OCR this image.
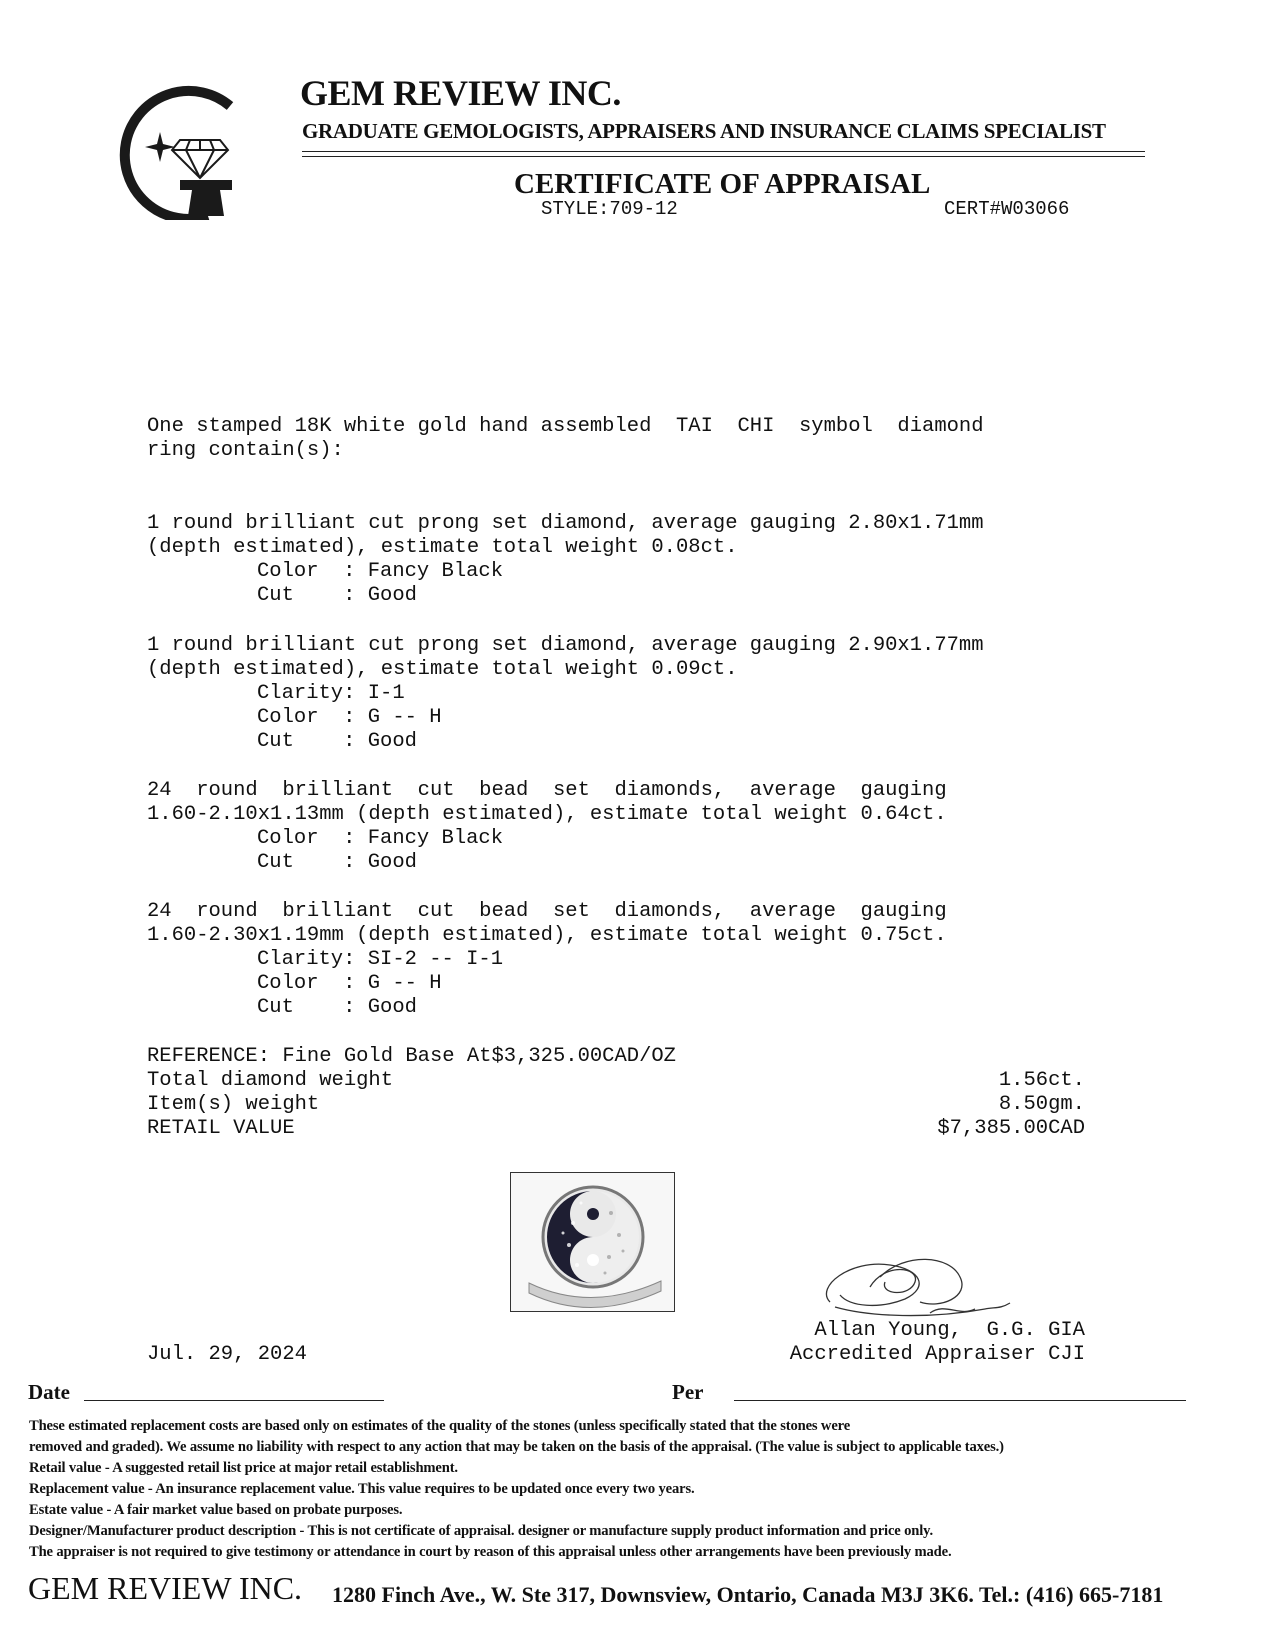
GEM REVIEW INC.
GRADUATE GEMOLOGISTS, APPRAISERS AND INSURANCE CLAIMS SPECIALIST
CERTIFICATE OF APPRAISAL
STYLE:709-12	CERT#W03066
One stamped 18K white gold hand assembled  TAI  CHI  symbol  diamond
ring contain(s):
1 round brilliant cut prong set diamond, average gauging 2.80x1.71mm
(depth estimated), estimate total weight 0.08ct.
Color  : Fancy Black
Cut    : Good
1 round brilliant cut prong set diamond, average gauging 2.90x1.77mm
(depth estimated), estimate total weight 0.09ct.
Clarity: I-1
Color  : G -- H
Cut    : Good
24  round  brilliant  cut  bead  set  diamonds,  average  gauging
1.60-2.10x1.13mm (depth estimated), estimate total weight 0.64ct.
Color  : Fancy Black
Cut    : Good
24  round  brilliant  cut  bead  set  diamonds,  average  gauging
1.60-2.30x1.19mm (depth estimated), estimate total weight 0.75ct.
Clarity: SI-2 -- I-1
Color  : G -- H
Cut    : Good
REFERENCE: Fine Gold Base At$3,325.00CAD/OZ
Total diamond weight	1.56ct.
Item(s) weight	8.50gm.
RETAIL VALUE	$7,385.00CAD
Jul. 29, 2024
Allan Young,  G.G. GIA
Accredited Appraiser CJI
Date	Per
These estimated replacement costs are based only on estimates of the quality of the stones (unless specifically stated that the stones were
removed and graded). We assume no liability with respect to any action that may be taken on the basis of the appraisal. (The value is subject to applicable taxes.)
Retail value - A suggested retail list price at major retail establishment.
Replacement value - An insurance replacement value. This value requires to be updated once every two years.
Estate value - A fair market value based on probate purposes.
Designer/Manufacturer product description - This is not certificate of appraisal. designer or manufacture supply product information and price only.
The appraiser is not required to give testimony or attendance in court by reason of this appraisal unless other arrangements have been previously made.
GEM REVIEW INC. 1280 Finch Ave., W. Ste 317, Downsview, Ontario, Canada M3J 3K6. Tel.: (416) 665-7181
